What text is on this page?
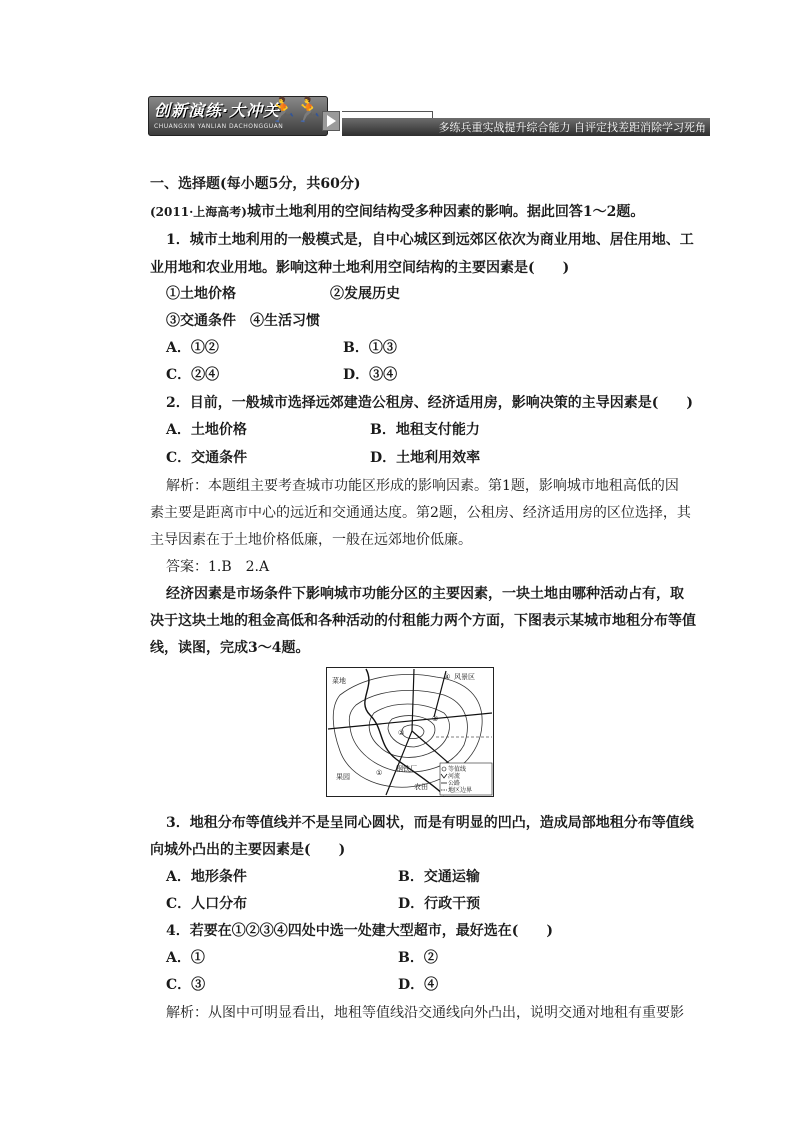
创新演练·大冲关
CHUANGXIN YANLIAN DACHONGGUAN
🏃🏃
多练兵重实战提升综合能力 自评定找差距消除学习死角
一、选择题(每小题5分，共60分)
(2011·上海高考)城市土地利用的空间结构受多种因素的影响。据此回答1～2题。
1．城市土地利用的一般模式是，自中心城区到远郊区依次为商业用地、居住用地、工
业用地和农业用地。影响这种土地利用空间结构的主要因素是(　　)
①土地价格	②发展历史
③交通条件　④生活习惯
A．①②	B．①③
C．②④	D．③④
2．目前，一般城市选择远郊建造公租房、经济适用房，影响决策的主导因素是(　　)
A．土地价格	B．地租支付能力
C．交通条件	D．土地利用效率
解析：本题组主要考查城市功能区形成的影响因素。第1题，影响城市地租高低的因
素主要是距离市中心的远近和交通通达度。第2题，公租房、经济适用房的区位选择，其
主导因素在于土地价格低廉，一般在远郊地价低廉。
答案：1.B　2.A
经济因素是市场条件下影响城市功能分区的主要因素，一块土地由哪种活动占有，取
决于这块土地的租金高低和各种活动的付租能力两个方面，下图表示某城市地租分布等值
线，读图，完成3～4题。
菜地	风景区
果园
钢铁厂
农田
①
②
③
④
等值线
河流
公路
地区边界
3．地租分布等值线并不是呈同心圆状，而是有明显的凹凸，造成局部地租分布等值线
向城外凸出的主要因素是(　　)
A．地形条件	B．交通运输
C．人口分布	D．行政干预
4．若要在①②③④四处中选一处建大型超市，最好选在(　　)
A．①	B．②
C．③	D．④
解析：从图中可明显看出，地租等值线沿交通线向外凸出，说明交通对地租有重要影
